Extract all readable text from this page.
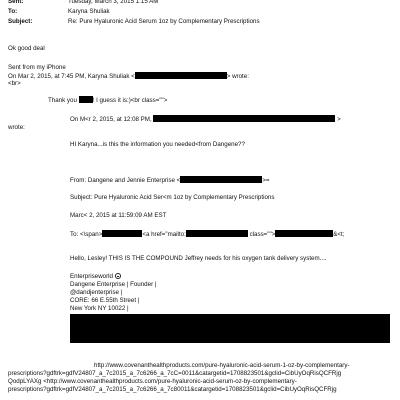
Sent:	Tuesday, March 3, 2015 1:15 AM
To:	Karyna Shuliak
Subject:	Re: Pure Hyaluronic Acid Serum 1oz by Complementary Prescriptions
Ok good deal
Sent from my iPhone
On Mar 2, 2015, at 7:45 PM, Karyna Shuliak <	> wrote:
<br>
Thank you	! I guess it is:)<br class="">
On M<r 2, 2015, at 12:08 PM,	>
wrote:
HI Karyna...is this the information you needed<from Dangene??
From: Dangene and Jennie Enterprise <	>=
Subject: Pure Hyaluronic Acid Ser<m 1oz by Complementary Prescriptions
Marc< 2, 2015 at 11:59:09 AM EST
To: <\span>	<a href="mailto:	class="">	&<t;
Hello, Lesley! THIS IS THE COMPOUND Jeffrey needs for his oxygen tank delivery system....
Enterpriseworld
Dangene Enterprise | Founder |
@dandjenterprise |
CORE: 66 E.55th Street |
New York NY 10022 |
http://www.covenanthealthproducts.com/pure-hyaluronic-acid-serum-1-oz-by-complementary-
prescriptions?gdftrk=gdfV24807_a_7c2015_a_7c6266_a_7cC=0011&catargetid=1708823501&gclid=CibUyOqRisQCFRjg
QodpLYAXg <http://www.covenanthealthproducts.com/pure-hyaluronic-acid-serum-oz-by-complementary-
prescriptions?gdftrk=gdfV24807_a_7c2015_a_7c6266_a_7c80011&catargetid=1708823501&gclid=CibUyOqRisQCFRjg
